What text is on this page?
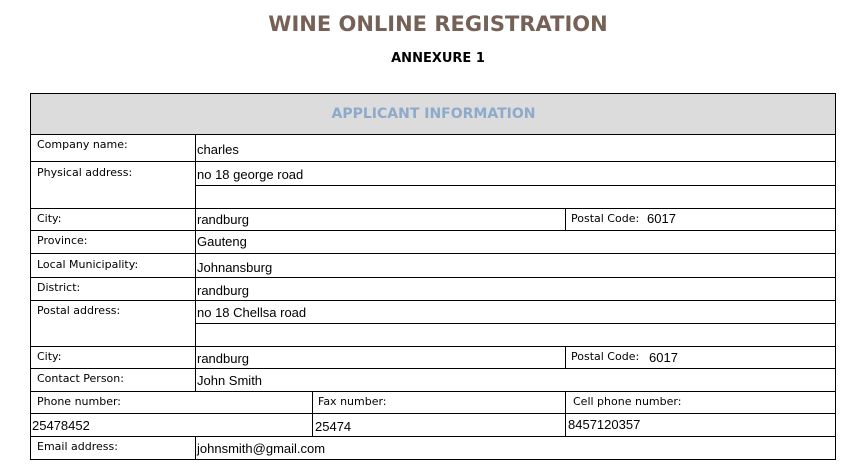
WINE ONLINE REGISTRATION
ANNEXURE 1
APPLICANT INFORMATION
Company name:	charles
Physical address:	no 18 george road
City:	randburg	Postal Code: 6017
Province:	Gauteng
Local Municipality:	Johnansburg
District:	randburg
Postal address:	no 18 Chellsa road
City:	randburg	Postal Code: 6017
Contact Person:	John Smith
Phone number:	Fax number:	Cell phone number:
25478452	25474	8457120357
Email address:	johnsmith@gmail.com
